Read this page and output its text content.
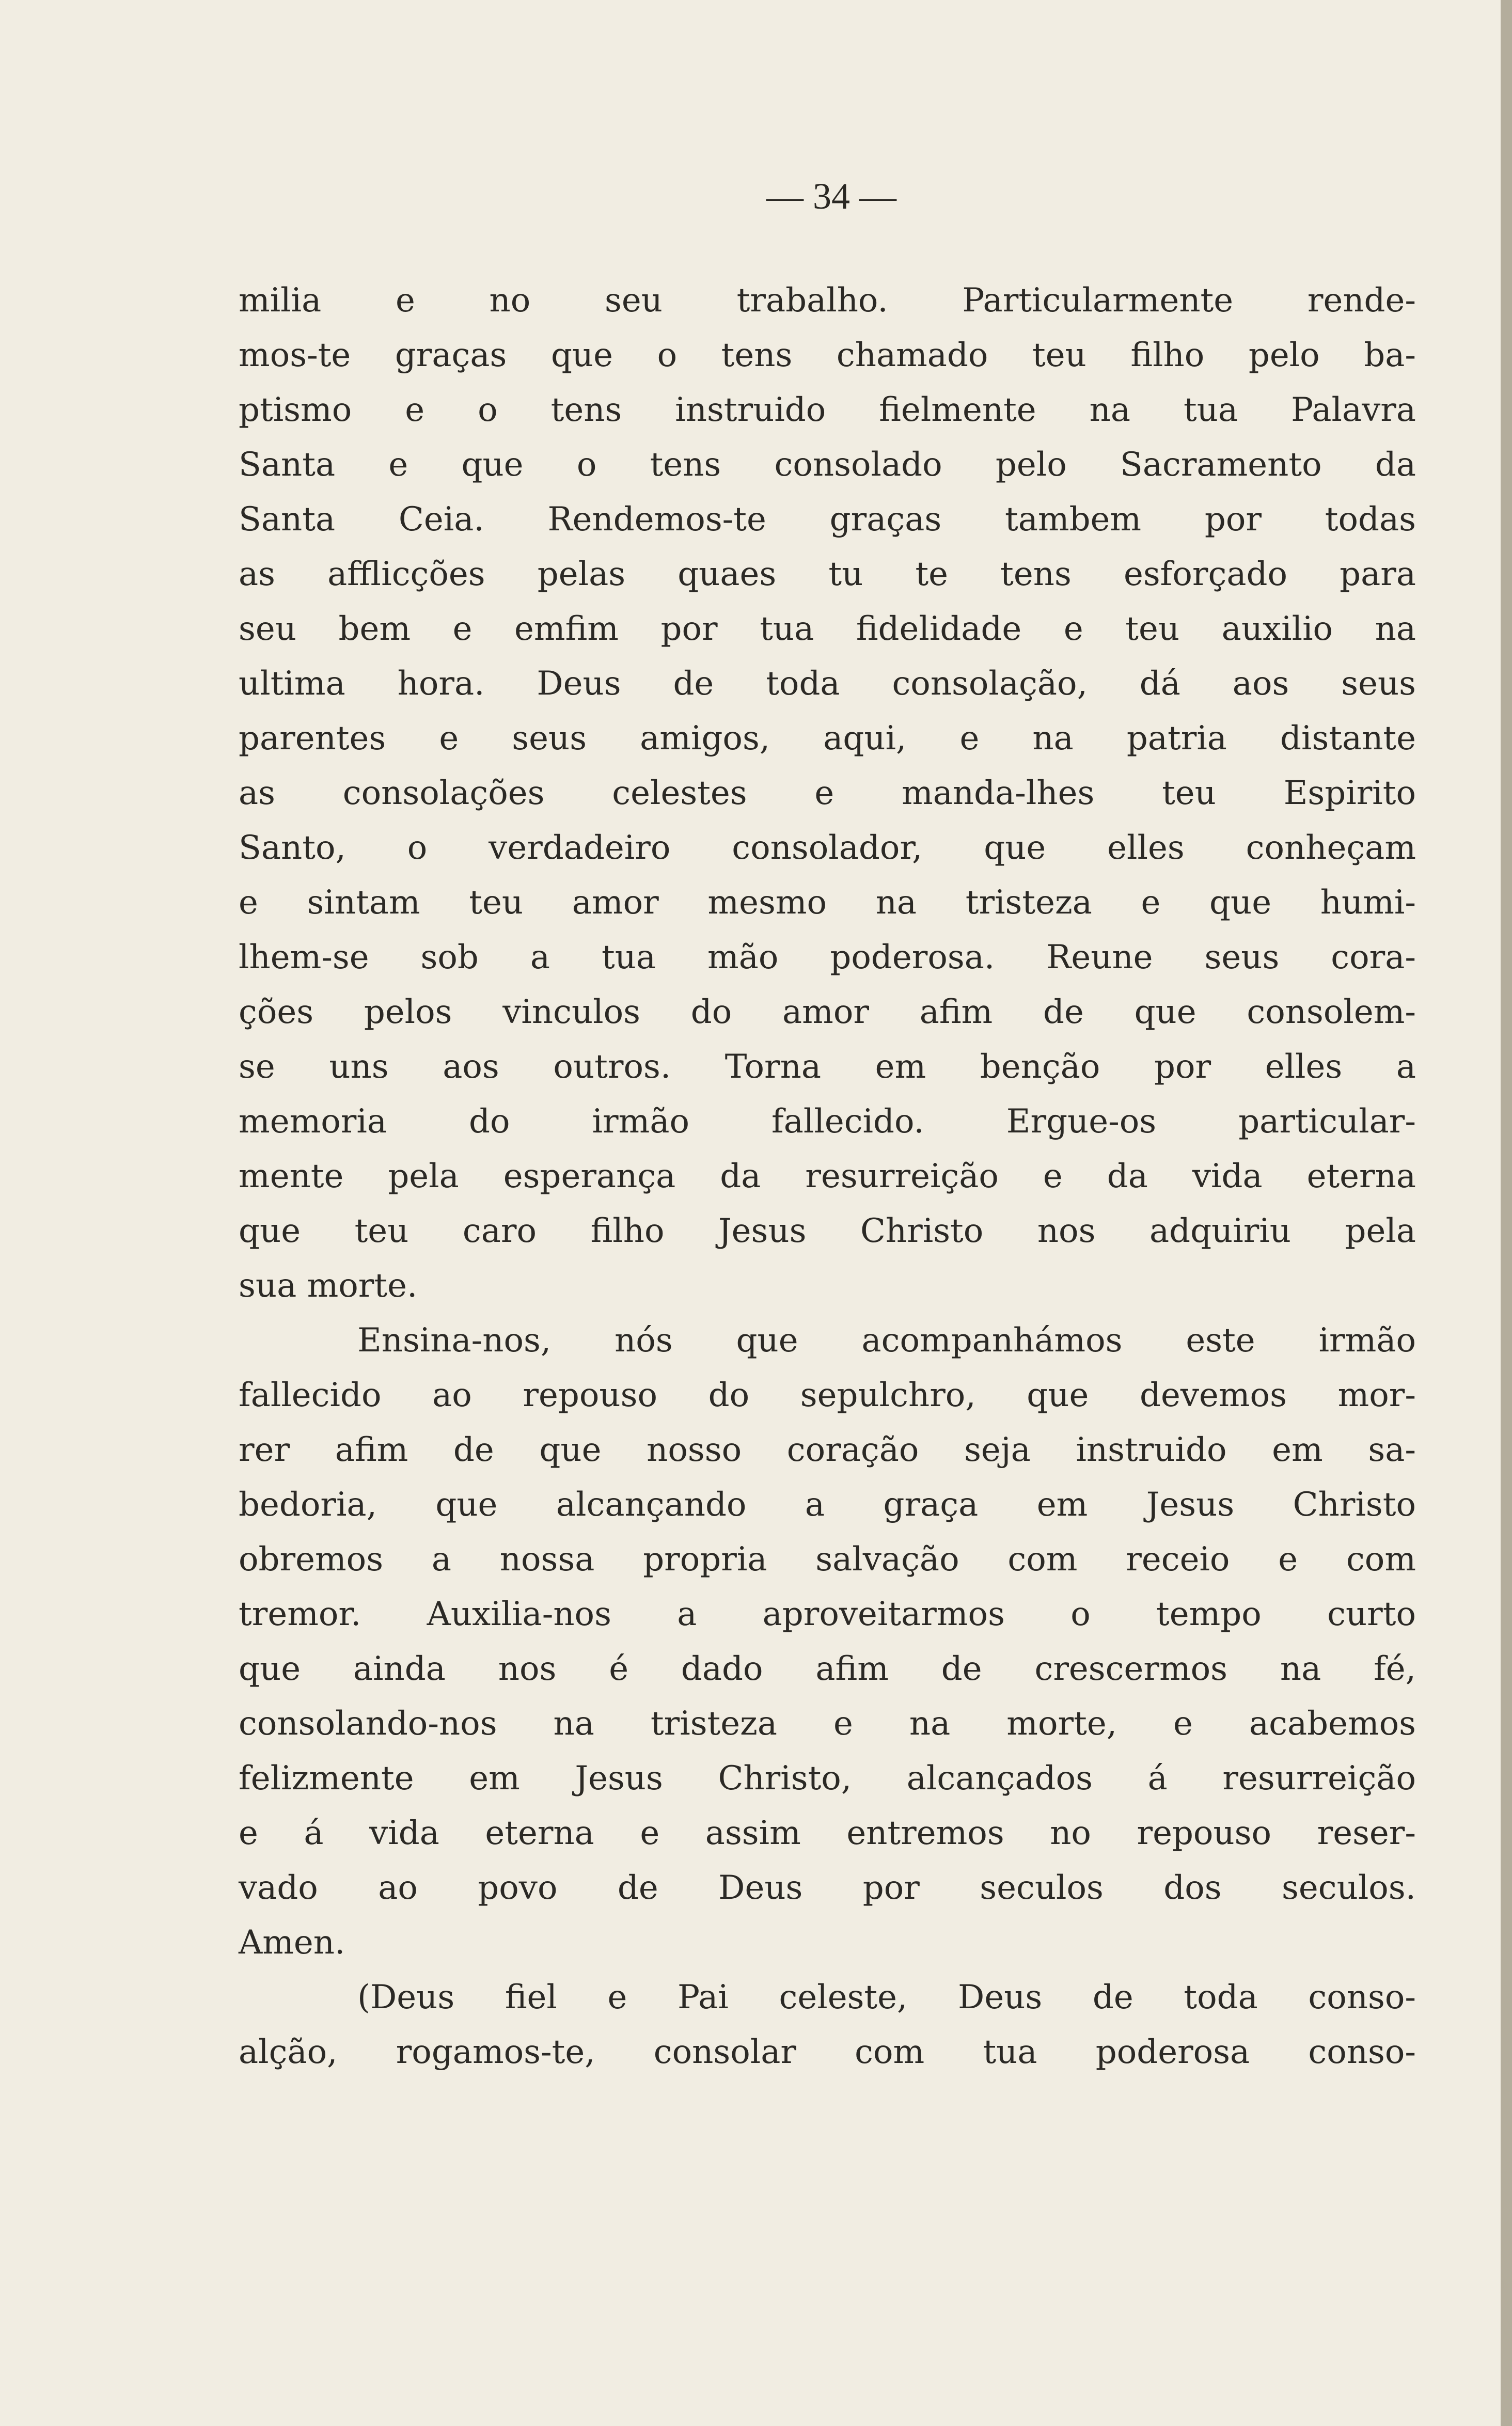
— 34 —
milia e no seu trabalho. Particularmente rende-
mos-te graças que o tens chamado teu filho pelo ba-
ptismo e o tens instruido fielmente na tua Palavra
Santa e que o tens consolado pelo Sacramento da
Santa Ceia. Rendemos-te graças tambem por todas
as afflicções pelas quaes tu te tens esforçado para
seu bem e emfim por tua fidelidade e teu auxilio na
ultima hora. Deus de toda consolação, dá aos seus
parentes e seus amigos, aqui, e na patria distante
as consolações celestes e manda-lhes teu Espirito
Santo, o verdadeiro consolador, que elles conheçam
e sintam teu amor mesmo na tristeza e que humi-
lhem-se sob a tua mão poderosa. Reune seus cora-
ções pelos vinculos do amor afim de que consolem-
se uns aos outros. Torna em benção por elles a
memoria do irmão fallecido. Ergue-os particular-
mente pela esperança da resurreição e da vida eterna
que teu caro filho Jesus Christo nos adquiriu pela
sua morte.
Ensina-nos, nós que acompanhámos este irmão
fallecido ao repouso do sepulchro, que devemos mor-
rer afim de que nosso coração seja instruido em sa-
bedoria, que alcançando a graça em Jesus Christo
obremos a nossa propria salvação com receio e com
tremor. Auxilia-nos a aproveitarmos o tempo curto
que ainda nos é dado afim de crescermos na fé,
consolando-nos na tristeza e na morte, e acabemos
felizmente em Jesus Christo, alcançados á resurreição
e á vida eterna e assim entremos no repouso reser-
vado ao povo de Deus por seculos dos seculos.
Amen.
(Deus fiel e Pai celeste, Deus de toda conso-
alção, rogamos-te, consolar com tua poderosa conso-
